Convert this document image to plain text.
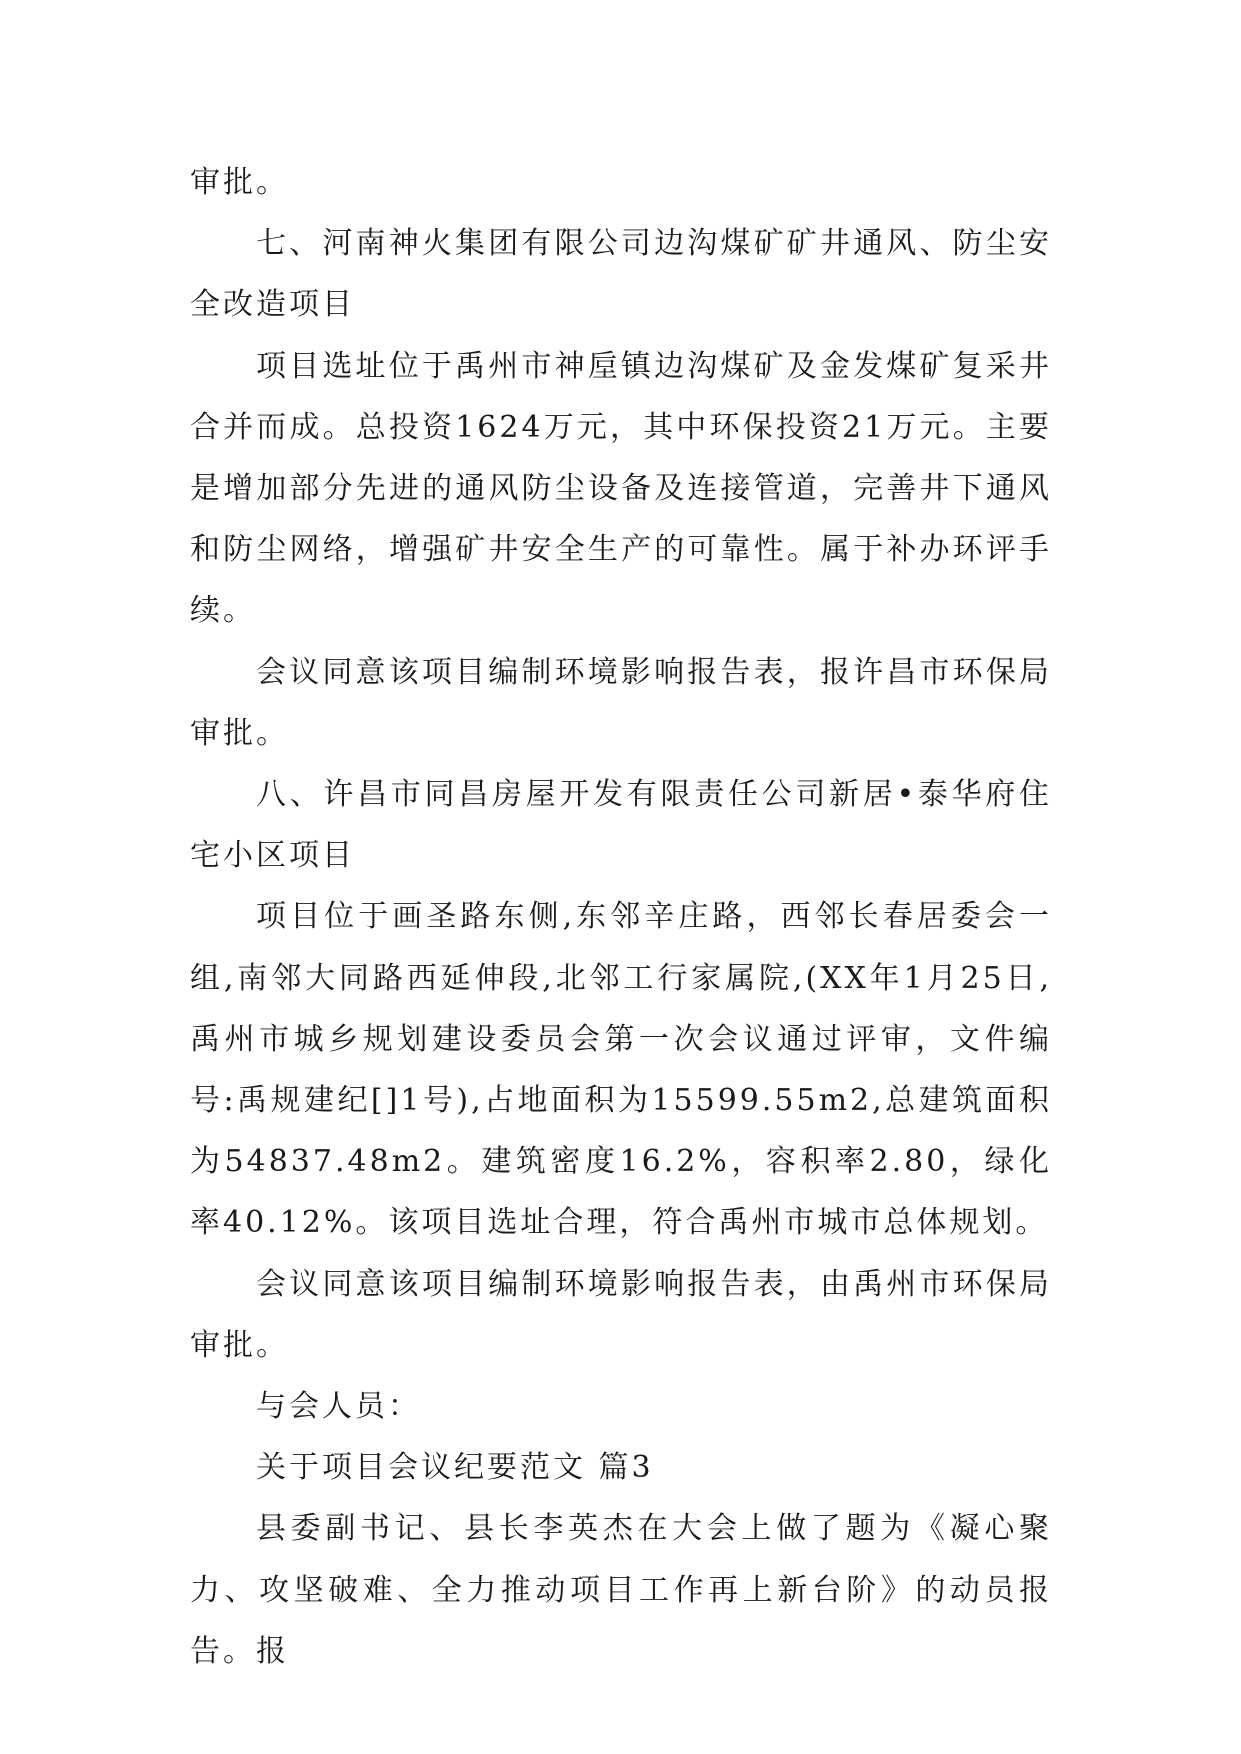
审批。

七、河南神火集团有限公司边沟煤矿矿井通风、防尘安全改造项目

项目选址位于禹州市神垕镇边沟煤矿及金发煤矿复采井合并而成。总投资1624万元，其中环保投资21万元。主要是增加部分先进的通风防尘设备及连接管道，完善井下通风和防尘网络，增强矿井安全生产的可靠性。属于补办环评手续。

会议同意该项目编制环境影响报告表，报许昌市环保局审批。

八、许昌市同昌房屋开发有限责任公司新居•泰华府住宅小区项目

项目位于画圣路东侧,东邻辛庄路，西邻长春居委会一组,南邻大同路西延伸段,北邻工行家属院,(XX年1月25日,禹州市城乡规划建设委员会第一次会议通过评审，文件编号:禹规建纪[]1号),占地面积为15599.55m2,总建筑面积为54837.48m2。建筑密度16.2%，容积率2.80，绿化率40.12%。该项目选址合理，符合禹州市城市总体规划。

会议同意该项目编制环境影响报告表，由禹州市环保局审批。

与会人员：

关于项目会议纪要范文 篇3

县委副书记、县长李英杰在大会上做了题为《凝心聚力、攻坚破难、全力推动项目工作再上新台阶》的动员报告。报
